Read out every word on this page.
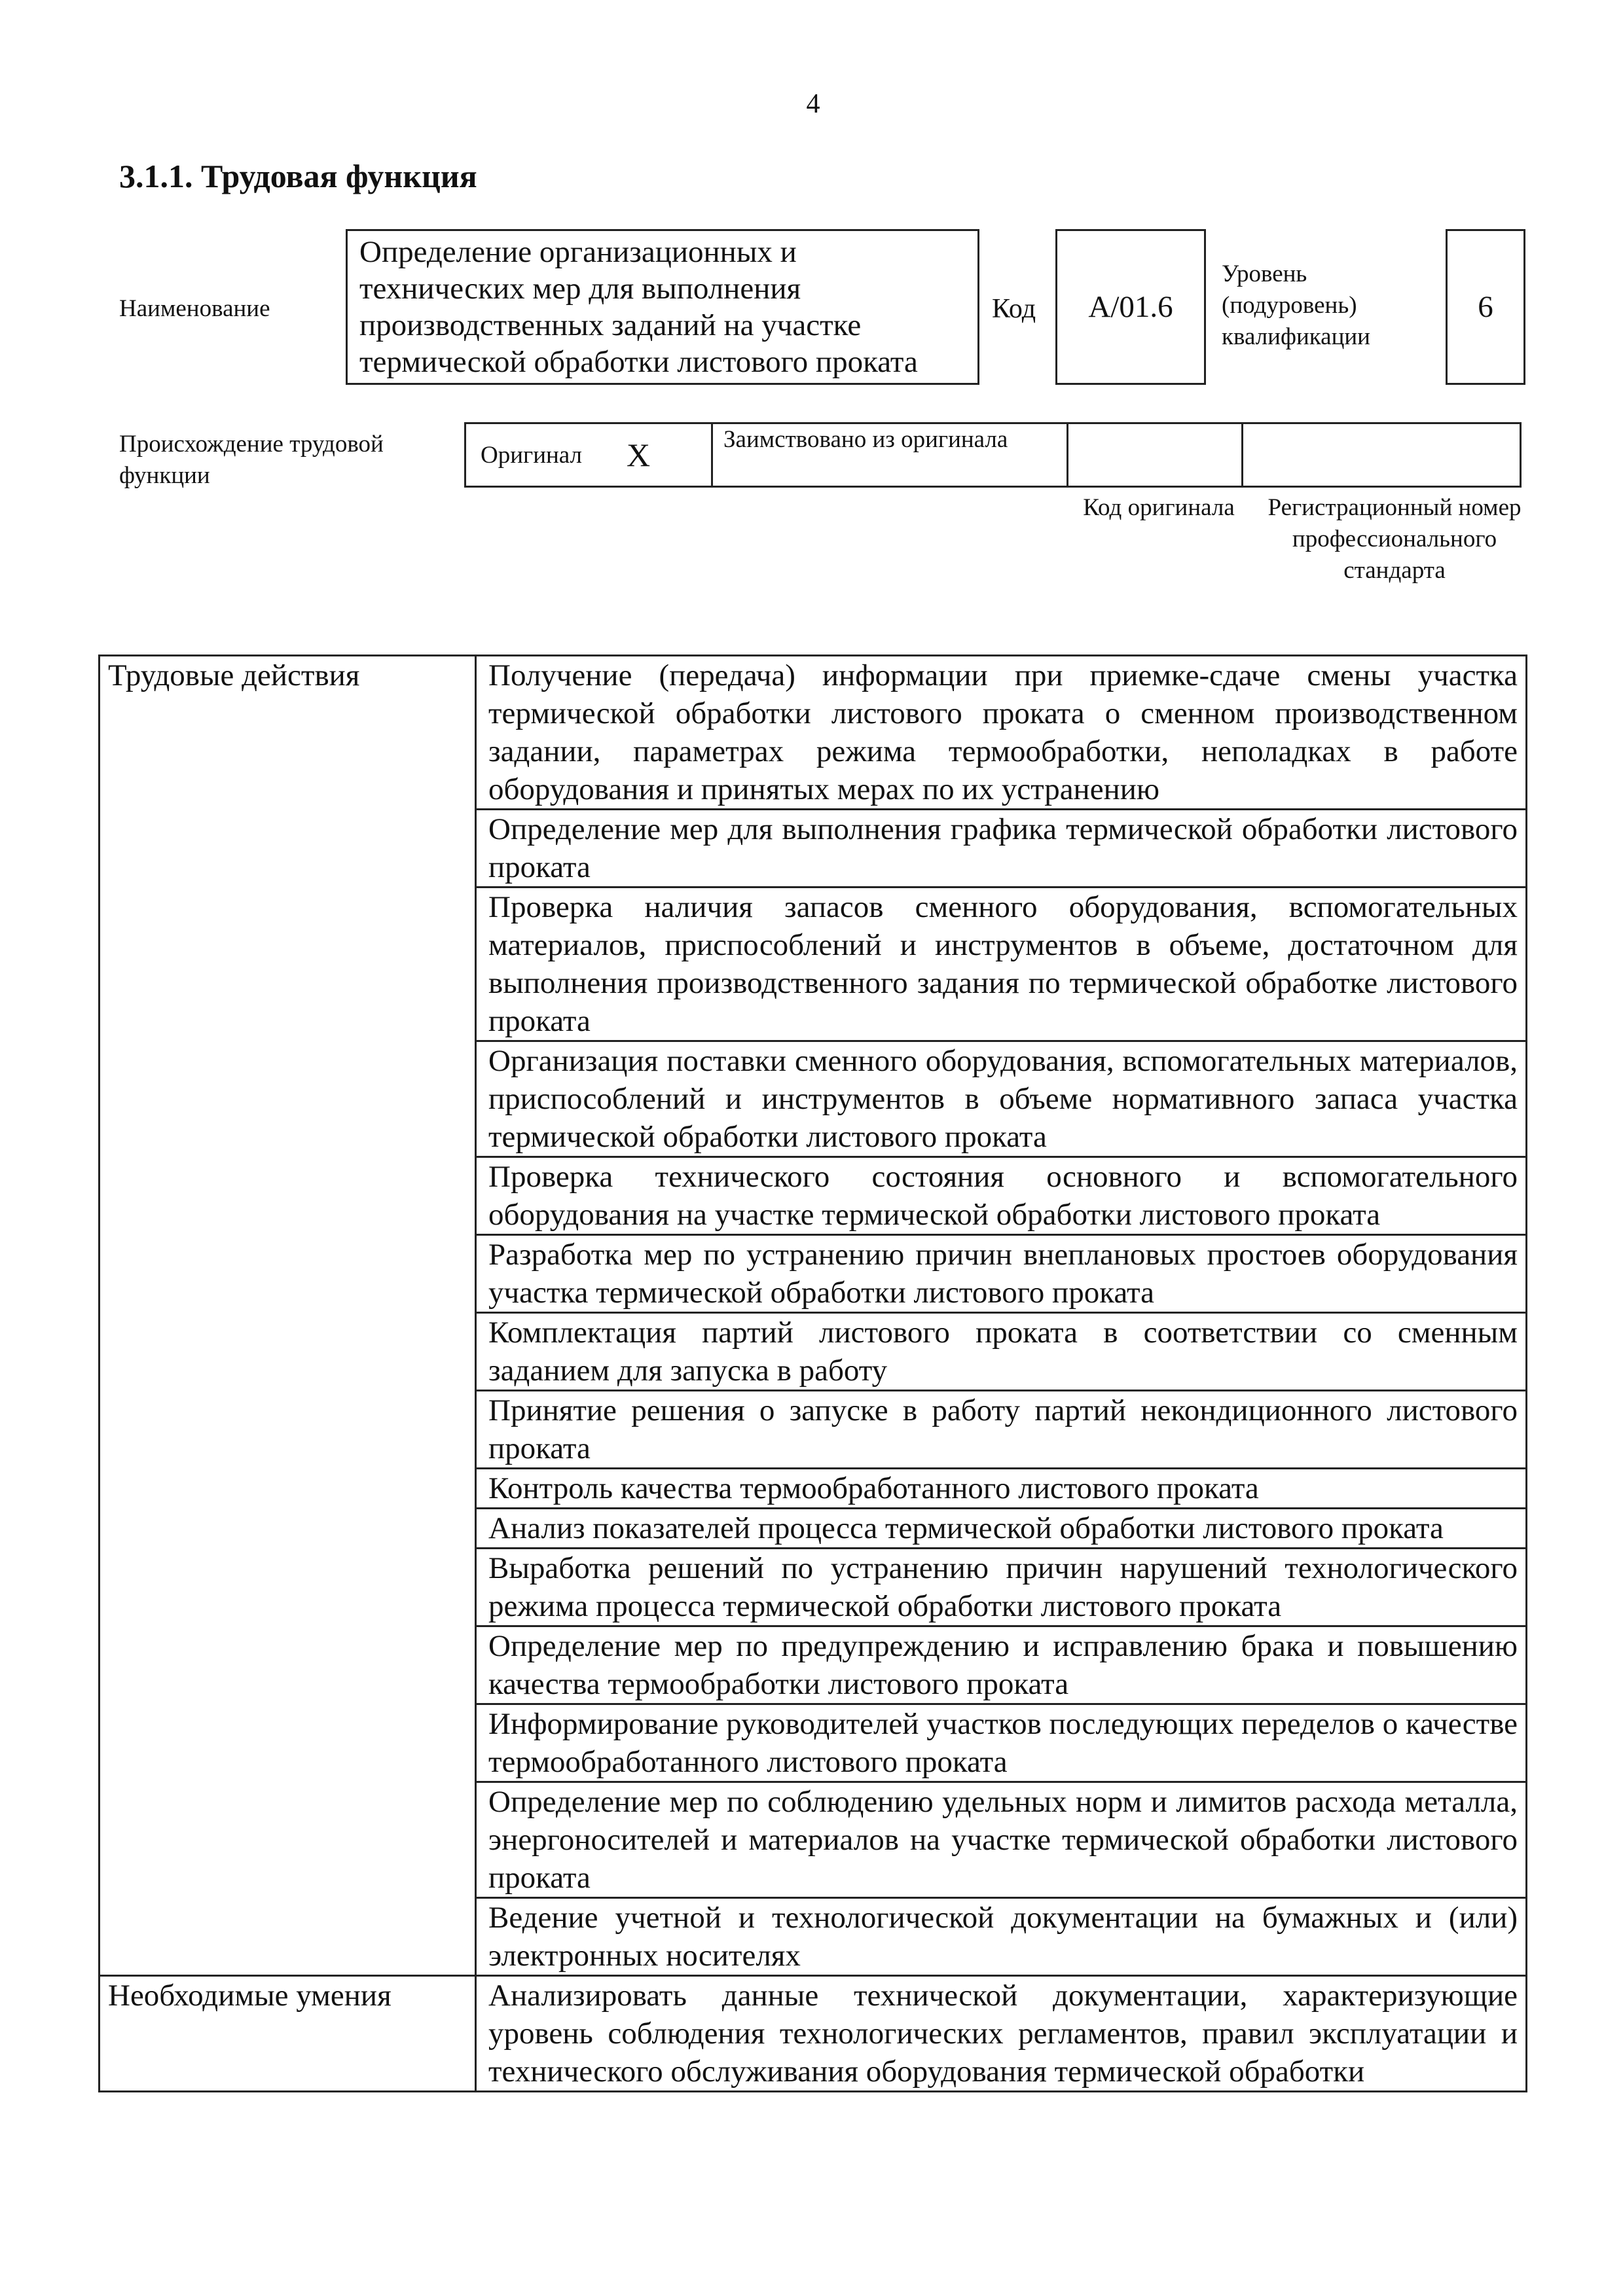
4
3.1.1. Трудовая функция
Наименование
Определение организационных и технических мер для выполнения производственных заданий на участке термической обработки листового проката
Код A/01.6
Уровень (подуровень) квалификации
6
Происхождение трудовой функции
Оригинал X	Заимствовано из оригинала
Код оригинала	Регистрационный номер профессионального стандарта
Трудовые действия	Получение (передача) информации при приемке-сдаче смены участка термической обработки листового проката о сменном производственном задании, параметрах режима термообработки, неполадках в работе оборудования и принятых мерах по их устранению
	Определение мер для выполнения графика термической обработки листового проката
	Проверка наличия запасов сменного оборудования, вспомогательных материалов, приспособлений и инструментов в объеме, достаточном для выполнения производственного задания по термической обработке листового проката
	Организация поставки сменного оборудования, вспомогательных материалов, приспособлений и инструментов в объеме нормативного запаса участка термической обработки листового проката
	Проверка технического состояния основного и вспомогательного оборудования на участке термической обработки листового проката
	Разработка мер по устранению причин внеплановых простоев оборудования участка термической обработки листового проката
	Комплектация партий листового проката в соответствии со сменным заданием для запуска в работу
	Принятие решения о запуске в работу партий некондиционного листового проката
	Контроль качества термообработанного листового проката
	Анализ показателей процесса термической обработки листового проката
	Выработка решений по устранению причин нарушений технологического режима процесса термической обработки листового проката
	Определение мер по предупреждению и исправлению брака и повышению качества термообработки листового проката
	Информирование руководителей участков последующих переделов о качестве термообработанного листового проката
	Определение мер по соблюдению удельных норм и лимитов расхода металла, энергоносителей и материалов на участке термической обработки листового проката
	Ведение учетной и технологической документации на бумажных и (или) электронных носителях
Необходимые умения	Анализировать данные технической документации, характеризующие уровень соблюдения технологических регламентов, правил эксплуатации и технического обслуживания оборудования термической обработки
